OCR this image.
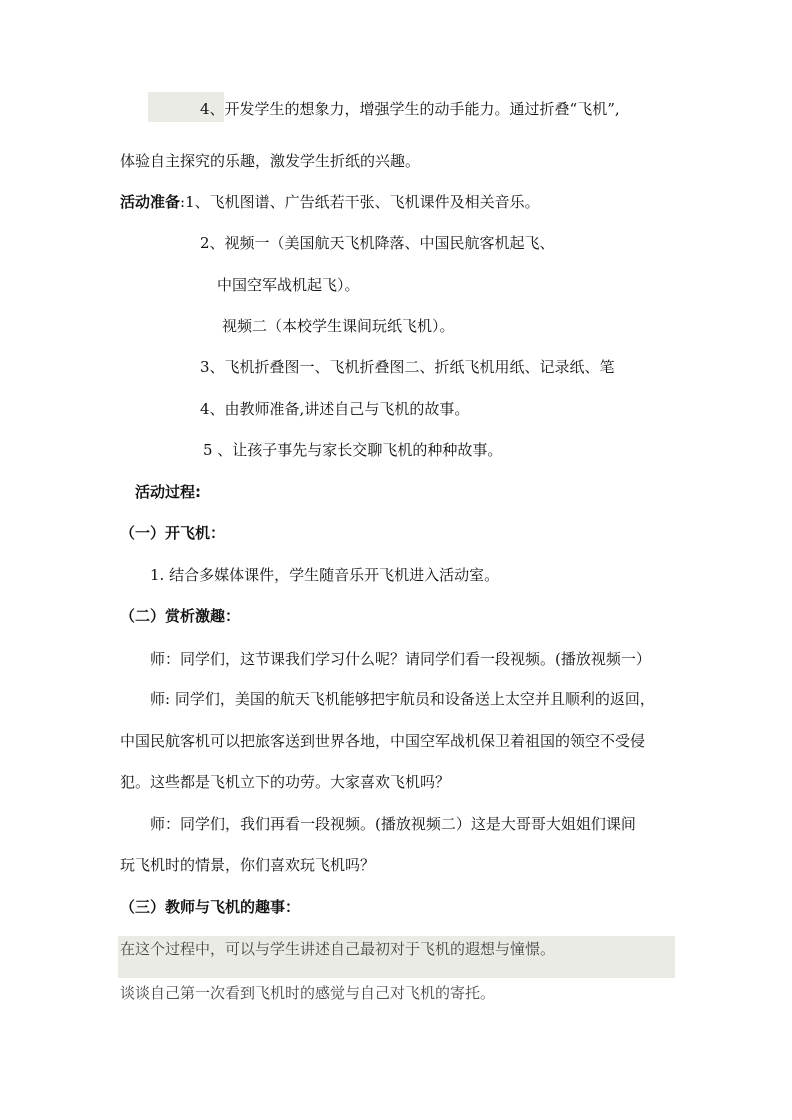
4、开发学生的想象力，增强学生的动手能力。通过折叠“飞机”,
体验自主探究的乐趣，激发学生折纸的兴趣。
活动准备:1、飞机图谱、广告纸若干张、飞机课件及相关音乐。
2、视频一（美国航天飞机降落、中国民航客机起飞、
中国空军战机起飞）。
视频二（本校学生课间玩纸飞机）。
3、飞机折叠图一、飞机折叠图二、折纸飞机用纸、记录纸、笔
4、由教师准备,讲述自己与飞机的故事。
5 、让孩子事先与家长交聊飞机的种种故事。
活动过程:
（一）开飞机：
1. 结合多媒体课件，学生随音乐开飞机进入活动室。
（二）赏析激趣：
师：同学们，这节课我们学习什么呢？请同学们看一段视频。(播放视频一）
师: 同学们，美国的航天飞机能够把宇航员和设备送上太空并且顺利的返回，
中国民航客机可以把旅客送到世界各地，中国空军战机保卫着祖国的领空不受侵
犯。这些都是飞机立下的功劳。大家喜欢飞机吗？
师：同学们，我们再看一段视频。(播放视频二）这是大哥哥大姐姐们课间
玩飞机时的情景，你们喜欢玩飞机吗？
（三）教师与飞机的趣事：
在这个过程中，可以与学生讲述自己最初对于飞机的遐想与憧憬。
谈谈自己第一次看到飞机时的感觉与自己对飞机的寄托。
